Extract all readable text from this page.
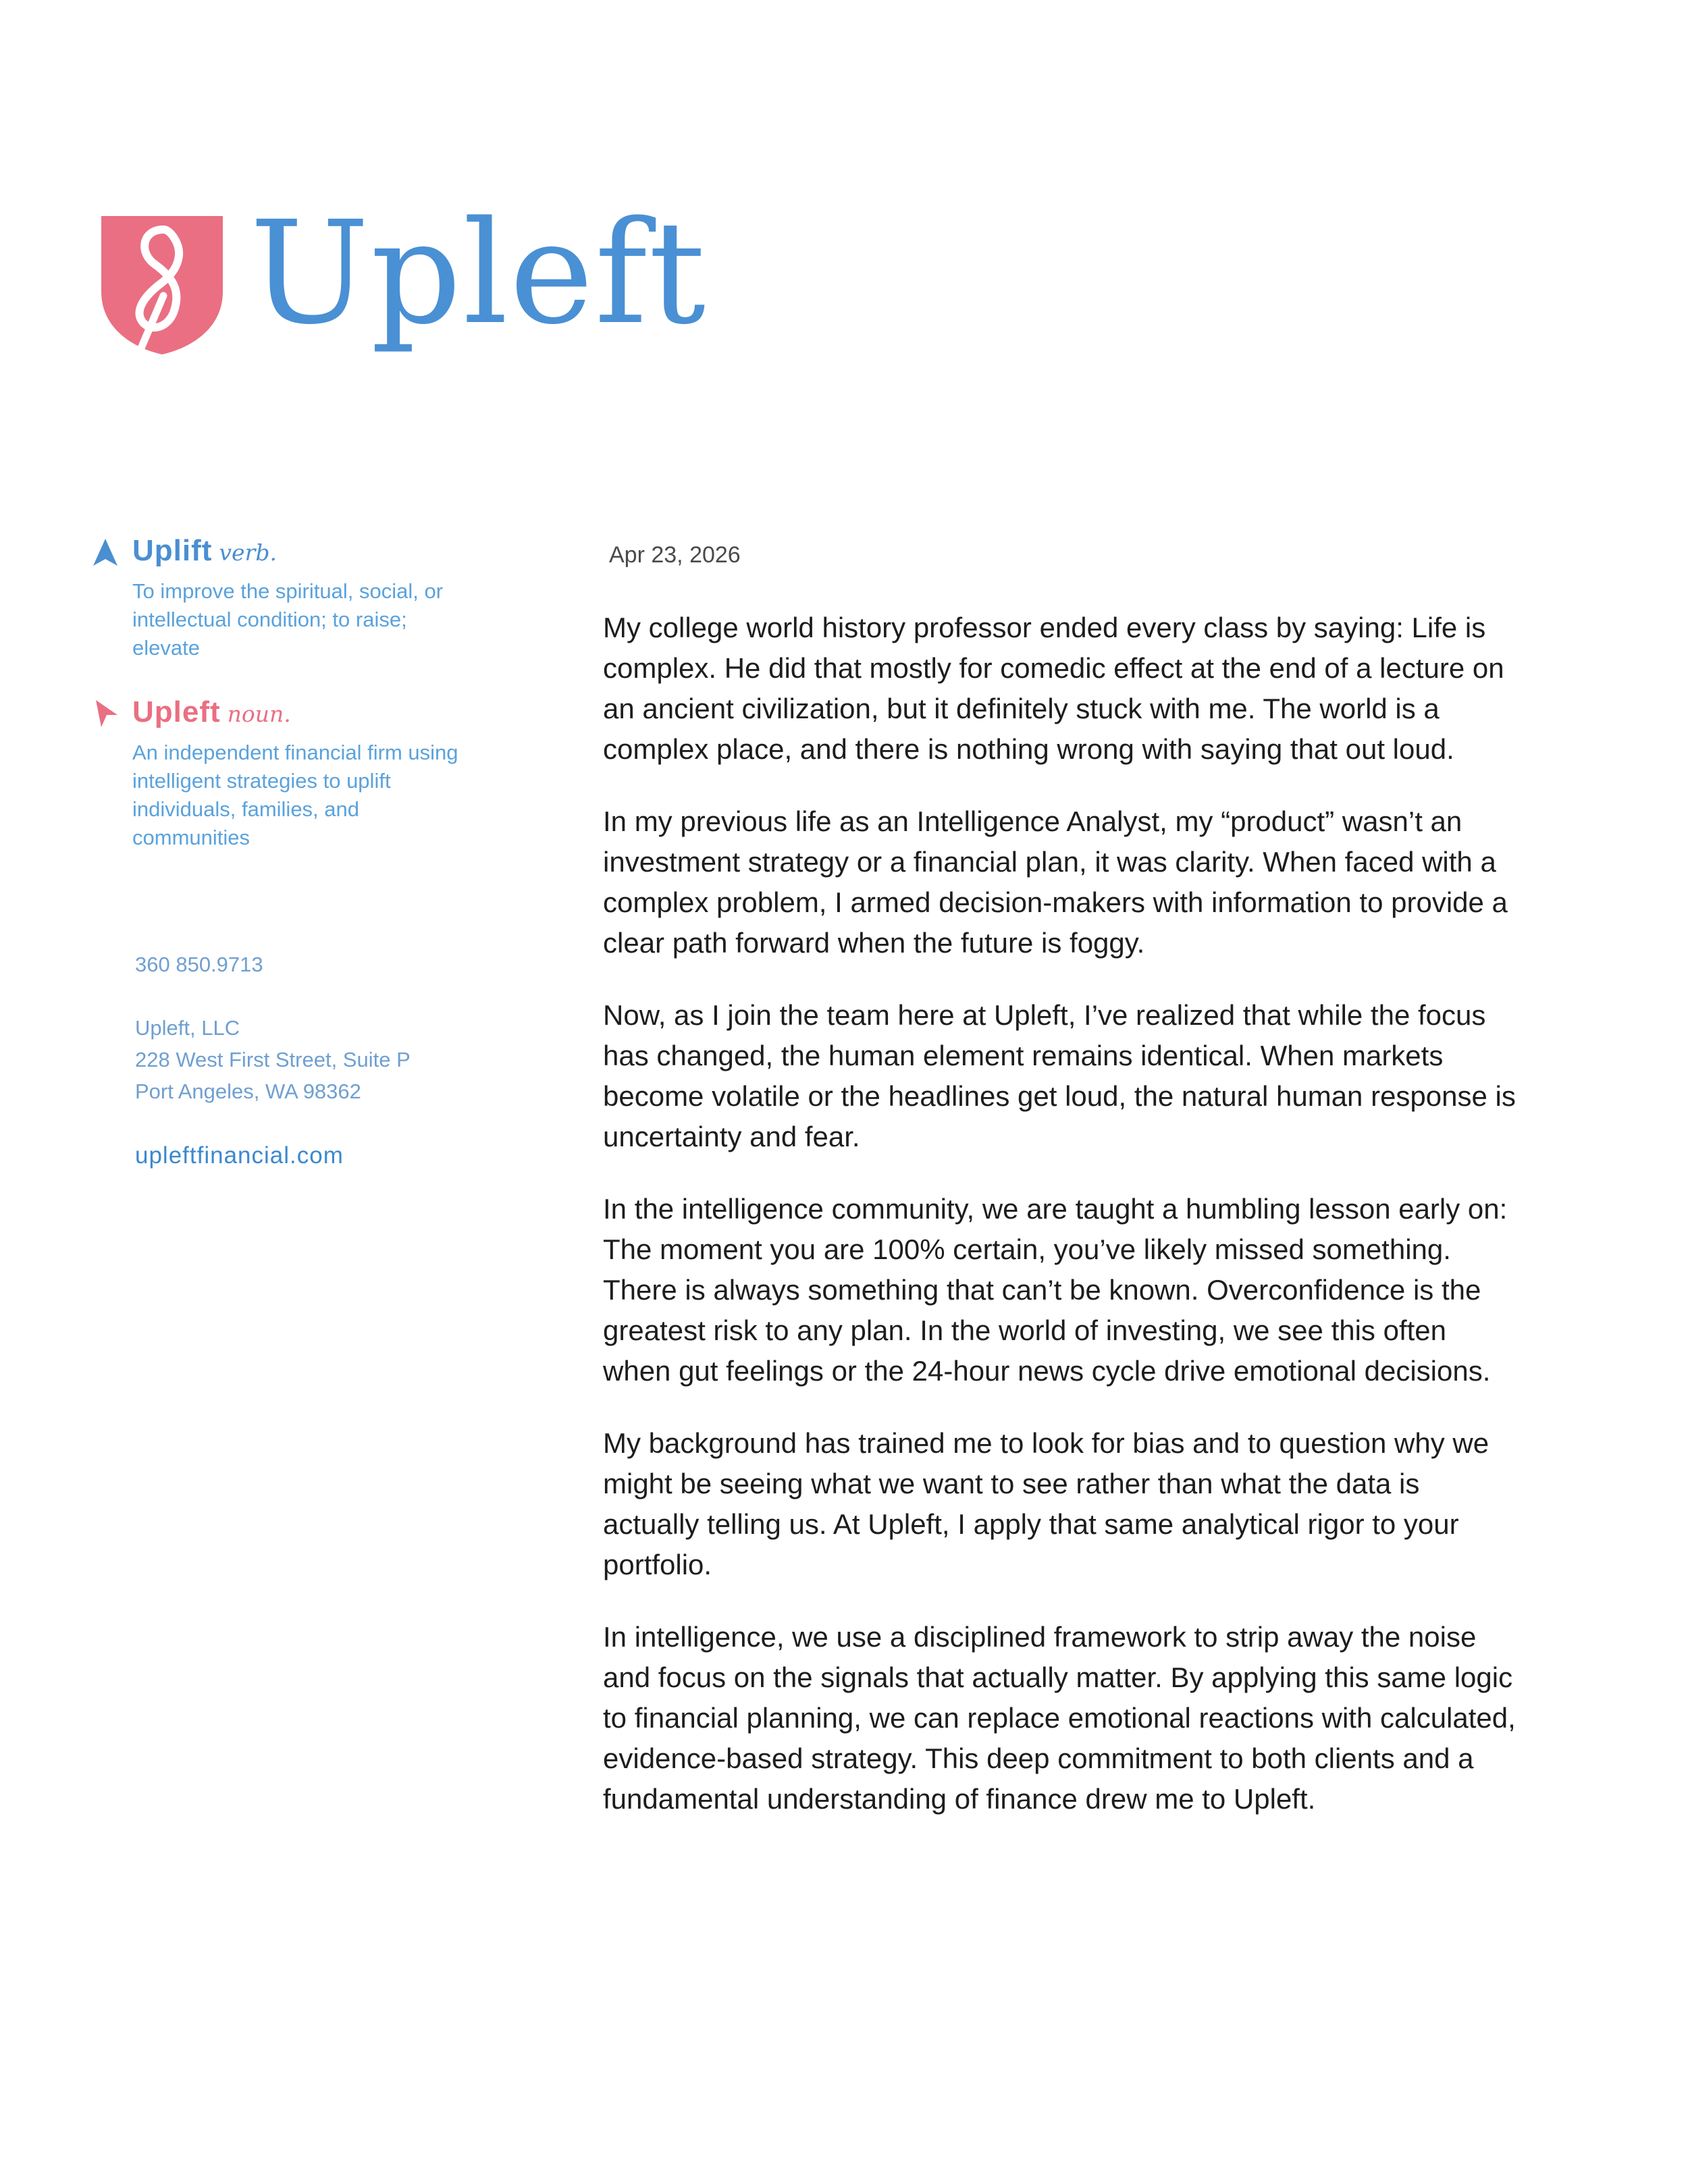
Upleft
Uplift verb.
To improve the spiritual, social, or intellectual condition; to raise; elevate
Upleft noun.
An independent financial firm using intelligent strategies to uplift individuals, families, and communities
360 850.9713
Upleft, LLC
228 West First Street, Suite P
Port Angeles, WA 98362
upleftfinancial.com
Apr 23, 2026

My college world history professor ended every class by saying: Life is complex. He did that mostly for comedic effect at the end of a lecture on an ancient civilization, but it definitely stuck with me. The world is a complex place, and there is nothing wrong with saying that out loud.

In my previous life as an Intelligence Analyst, my “product” wasn’t an investment strategy or a financial plan, it was clarity. When faced with a complex problem, I armed decision-makers with information to provide a clear path forward when the future is foggy.

Now, as I join the team here at Upleft, I’ve realized that while the focus has changed, the human element remains identical. When markets become volatile or the headlines get loud, the natural human response is uncertainty and fear.

In the intelligence community, we are taught a humbling lesson early on: The moment you are 100% certain, you’ve likely missed something. There is always something that can’t be known. Overconfidence is the greatest risk to any plan. In the world of investing, we see this often when gut feelings or the 24-hour news cycle drive emotional decisions.

My background has trained me to look for bias and to question why we might be seeing what we want to see rather than what the data is actually telling us. At Upleft, I apply that same analytical rigor to your portfolio.

In intelligence, we use a disciplined framework to strip away the noise and focus on the signals that actually matter. By applying this same logic to financial planning, we can replace emotional reactions with calculated, evidence-based strategy. This deep commitment to both clients and a fundamental understanding of finance drew me to Upleft.
